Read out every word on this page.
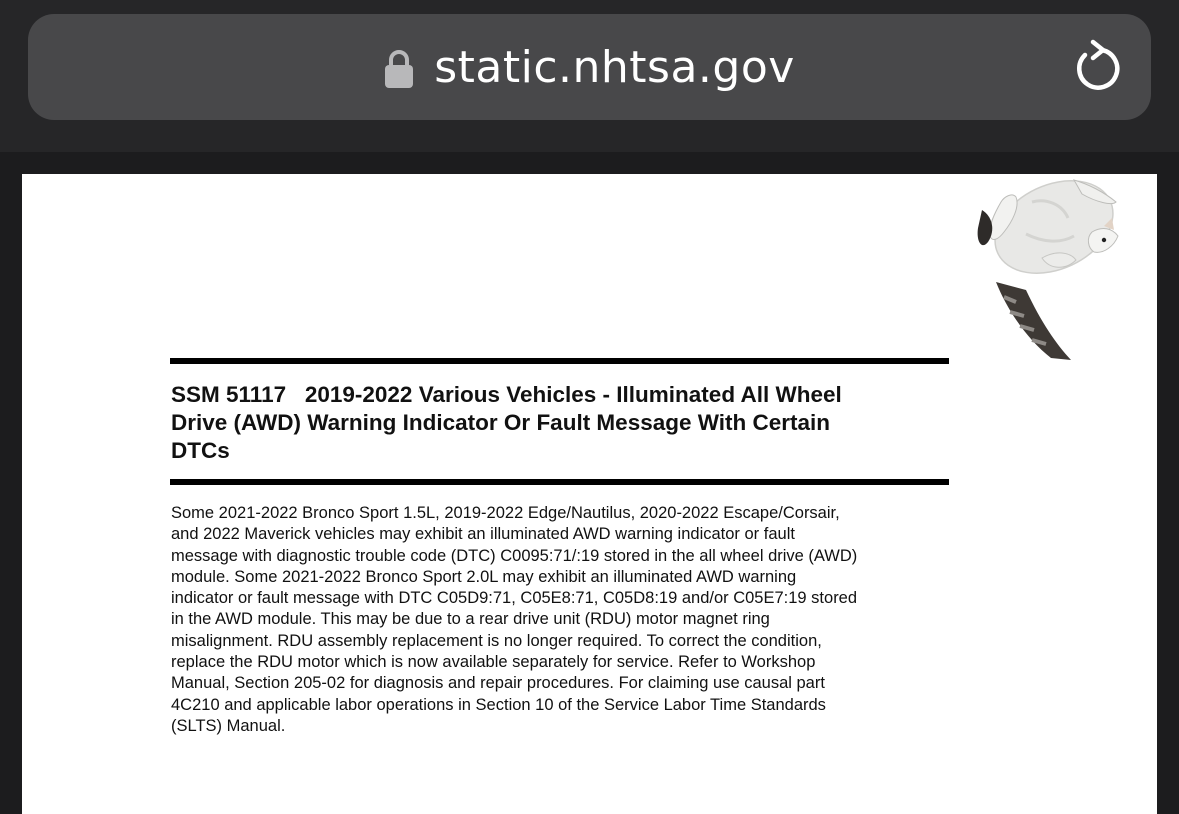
static.nhtsa.gov
SSM 51117   2019-2022 Various Vehicles - Illuminated All Wheel
Drive (AWD) Warning Indicator Or Fault Message With Certain
DTCs

Some 2021-2022 Bronco Sport 1.5L, 2019-2022 Edge/Nautilus, 2020-2022 Escape/Corsair,
and 2022 Maverick vehicles may exhibit an illuminated AWD warning indicator or fault
message with diagnostic trouble code (DTC) C0095:71/:19 stored in the all wheel drive (AWD)
module. Some 2021-2022 Bronco Sport 2.0L may exhibit an illuminated AWD warning
indicator or fault message with DTC C05D9:71, C05E8:71, C05D8:19 and/or C05E7:19 stored
in the AWD module. This may be due to a rear drive unit (RDU) motor magnet ring
misalignment. RDU assembly replacement is no longer required. To correct the condition,
replace the RDU motor which is now available separately for service. Refer to Workshop
Manual, Section 205-02 for diagnosis and repair procedures. For claiming use causal part
4C210 and applicable labor operations in Section 10 of the Service Labor Time Standards
(SLTS) Manual.
